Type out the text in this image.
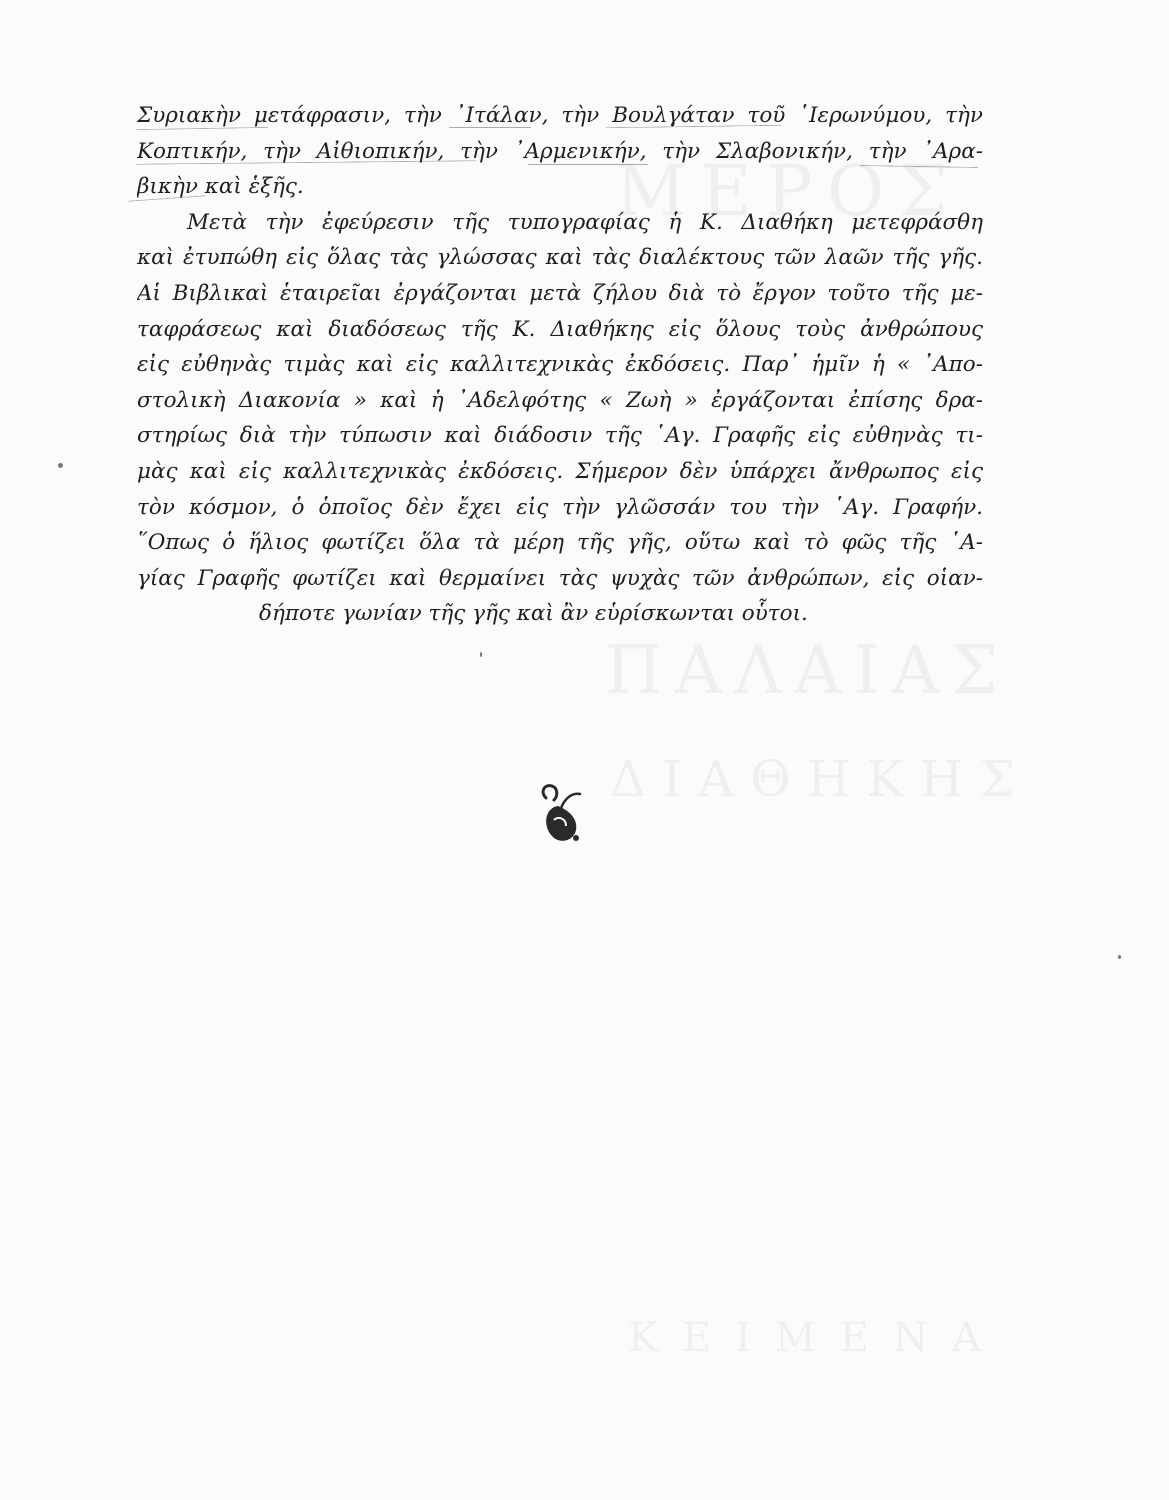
Συριακὴν μετάφρασιν, τὴν ᾽Ιτάλαν, τὴν Βουλγάταν τοῦ ῾Ιερωνύμου, τὴν
Κοπτικήν, τὴν Αἰθιοπικήν, τὴν ᾽Αρμενικήν, τὴν Σλαβονικήν, τὴν ᾽Αρα-
βικὴν καὶ ἑξῆς.
Μετὰ τὴν ἐφεύρεσιν τῆς τυπογραφίας ἡ Κ. Διαθήκη μετεφράσθη
καὶ ἐτυπώθη εἰς ὅλας τὰς γλώσσας καὶ τὰς διαλέκτους τῶν λαῶν τῆς γῆς.
Αἱ Βιβλικαὶ ἑταιρεῖαι ἐργάζονται μετὰ ζήλου διὰ τὸ ἔργον τοῦτο τῆς με-
ταφράσεως καὶ διαδόσεως τῆς Κ. Διαθήκης εἰς ὅλους τοὺς ἀνθρώπους
εἰς εὐθηνὰς τιμὰς καὶ εἰς καλλιτεχνικὰς ἐκδόσεις. Παρ᾽ ἡμῖν ἡ « ᾽Απο-
στολικὴ Διακονία » καὶ ἡ ᾽Αδελφότης « Ζωὴ » ἐργάζονται ἐπίσης δρα-
στηρίως διὰ τὴν τύπωσιν καὶ διάδοσιν τῆς ῾Αγ. Γραφῆς εἰς εὐθηνὰς τι-
μὰς καὶ εἰς καλλιτεχνικὰς ἐκδόσεις. Σήμερον δὲν ὑπάρχει ἄνθρωπος εἰς
τὸν κόσμον, ὁ ὁποῖος δὲν ἔχει εἰς τὴν γλῶσσάν του τὴν ῾Αγ. Γραφήν.
῞Οπως ὁ ἥλιος φωτίζει ὅλα τὰ μέρη τῆς γῆς, οὕτω καὶ τὸ φῶς τῆς ῾Α-
γίας Γραφῆς φωτίζει καὶ θερμαίνει τὰς ψυχὰς τῶν ἀνθρώπων, εἰς οἱαν-
δήποτε γωνίαν τῆς γῆς καὶ ἂν εὑρίσκωνται οὗτοι.
